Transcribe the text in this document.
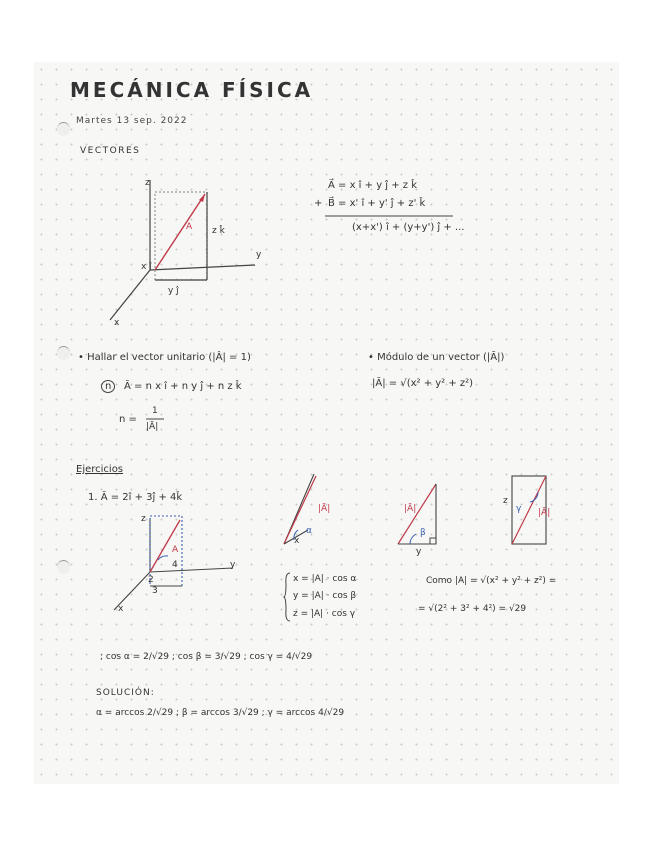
MECÁNICA FÍSICA
Martes 13 sep. 2022
VECTORES
z
y
x
A z k̂
y ĵ
x î
A⃗ = x î + y ĵ + z k̂
+ B⃗ = x' î + y' ĵ + z' k̂
(x+x') î + (y+y') ĵ + ...
• Hallar el vector unitario (|Â| = 1)
n	Ā = n x î + n y ĵ + n z k̂
n =
1
|Ā|
• Módulo de un vector (|Ā|)
|Ā| = √(x² + y² + z²)
Ejercicios
1. Ā = 2î + 3ĵ + 4k̂
z
y
x
A
2
3
4
|Ā|
x
α
|Ā|
y
β
z
|Ā|
γ
x = |A| · cos α
y = |A| · cos β
z = |A| · cos γ
Como |A| = √(x² + y² + z²) =
= √(2² + 3² + 4²) = √29
; cos α = 2/√29 ; cos β = 3/√29 ; cos γ = 4/√29
SOLUCIÓN:
α = arccos 2/√29 ; β = arccos 3/√29 ; γ = arccos 4/√29
